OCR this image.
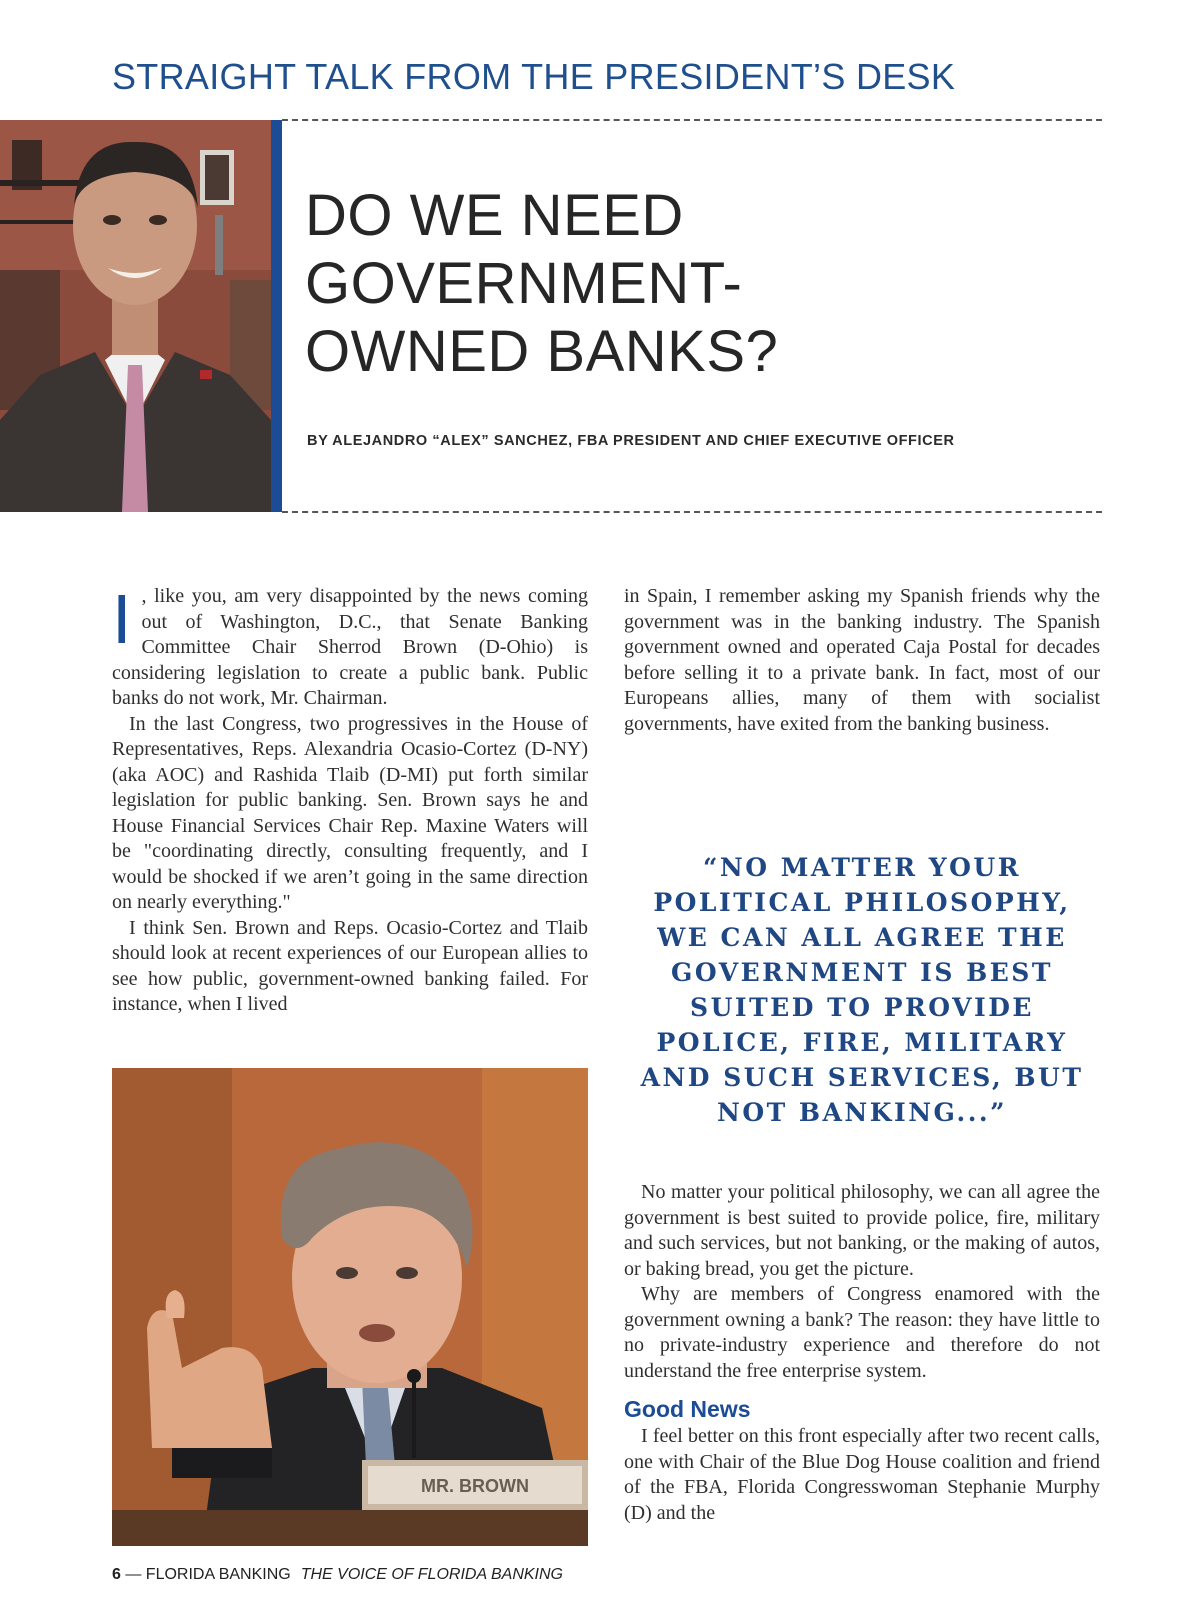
STRAIGHT TALK FROM THE PRESIDENT’S DESK
DO WE NEED
GOVERNMENT-
OWNED BANKS?
BY ALEJANDRO “ALEX” SANCHEZ, FBA PRESIDENT AND CHIEF EXECUTIVE OFFICER

I , like you, am very disappointed by the news coming out of Washington, D.C., that Senate Banking Committee Chair Sherrod Brown (D-Ohio) is considering legislation to create a public bank. Public banks do not work, Mr. Chairman.

In the last Congress, two progressives in the House of Representatives, Reps. Alexandria Ocasio-Cortez (D-NY) (aka AOC) and Rashida Tlaib (D-MI) put forth similar legislation for public banking. Sen. Brown says he and House Financial Services Chair Rep. Maxine Waters will be "coordinating directly, consulting frequently, and I would be shocked if we aren’t going in the same direction on nearly everything."

I think Sen. Brown and Reps. Ocasio-Cortez and Tlaib should look at recent experiences of our European allies to see how public, government-owned banking failed. For instance, when I lived

in Spain, I remember asking my Spanish friends why the government was in the banking industry. The Spanish government owned and operated Caja Postal for decades before selling it to a private bank. In fact, most of our Europeans allies, many of them with socialist governments, have exited from the banking business.

“NO MATTER YOUR POLITICAL PHILOSOPHY, WE CAN ALL AGREE THE GOVERNMENT IS BEST SUITED TO PROVIDE POLICE, FIRE, MILITARY AND SUCH SERVICES, BUT NOT BANKING...”

MR. BROWN

No matter your political philosophy, we can all agree the government is best suited to provide police, fire, military and such services, but not banking, or the making of autos, or baking bread, you get the picture.

Why are members of Congress enamored with the government owning a bank? The reason: they have little to no private-industry experience and therefore do not understand the free enterprise system.

Good News

I feel better on this front especially after two recent calls, one with Chair of the Blue Dog House coalition and friend of the FBA, Florida Congresswoman Stephanie Murphy (D) and the

6 — FLORIDA BANKING THE VOICE OF FLORIDA BANKING
